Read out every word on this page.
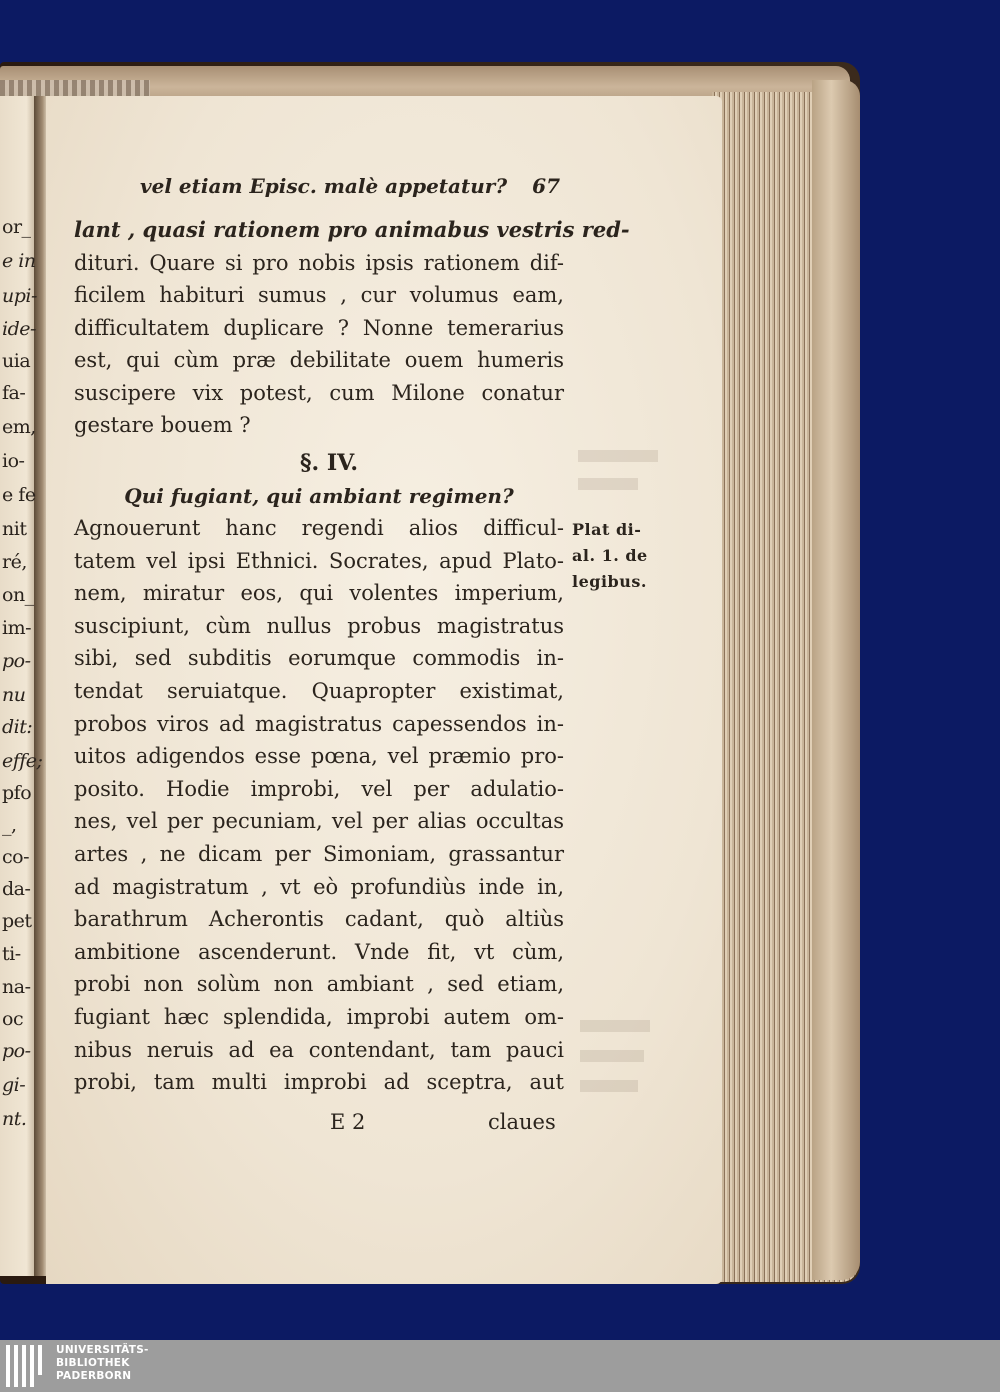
or_
e in
upi-
ide-
uia
fa-
em,
io-
e fe
nit
ré,
on_
im-
po-
nu
dit:
effe;
pfo
_,
co-
da-
pet
ti-
na-
oc
po-
gi-
nt.
vel etiam Episc. malè appetatur? 67
lant , quasi rationem pro animabus vestris red-
dituri. Quare si pro nobis ipsis rationem dif-
ficilem habituri sumus , cur volumus eam,
difficultatem duplicare ? Nonne temerarius
est, qui cùm præ debilitate ouem humeris
suscipere vix potest, cum Milone conatur
gestare bouem ?
§. IV.
Qui fugiant, qui ambiant regimen?
Agnouerunt hanc regendi alios difficul-
tatem vel ipsi Ethnici. Socrates, apud Plato-
nem, miratur eos, qui volentes imperium,
suscipiunt, cùm nullus probus magistratus
sibi, sed subditis eorumque commodis in-
tendat seruiatque. Quapropter existimat,
probos viros ad magistratus capessendos in-
uitos adigendos esse pœna, vel præmio pro-
posito. Hodie improbi, vel per adulatio-
nes, vel per pecuniam, vel per alias occultas
artes , ne dicam per Simoniam, grassantur
ad magistratum , vt eò profundiùs inde in,
barathrum Acherontis cadant, quò altiùs
ambitione ascenderunt. Vnde fit, vt cùm,
probi non solùm non ambiant , sed etiam,
fugiant hæc splendida, improbi autem om-
nibus neruis ad ea contendant, tam pauci
probi, tam multi improbi ad sceptra, aut
Plat di-
al. 1. de
legibus.
E 2	claues
UNIVERSITÄTS-
BIBLIOTHEK
PADERBORN
